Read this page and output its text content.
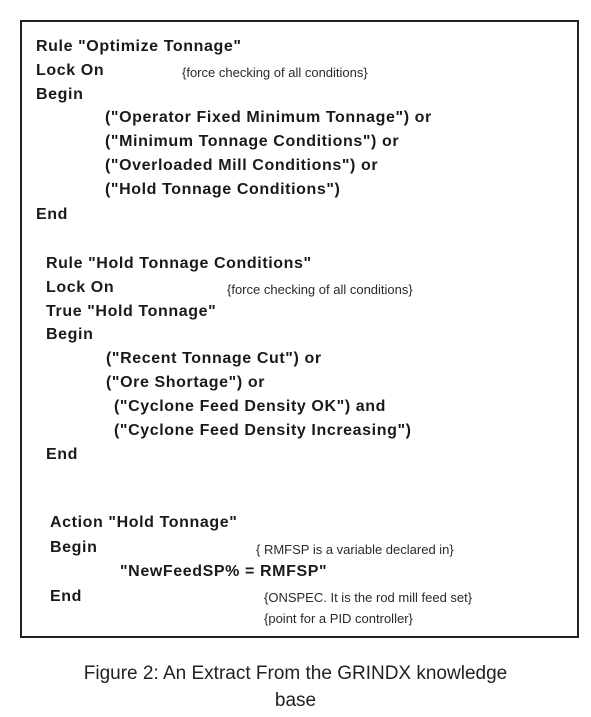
Rule "Optimize Tonnage"
Lock On	{force checking of all conditions}
Begin
("Operator Fixed Minimum Tonnage") or
("Minimum Tonnage Conditions") or
("Overloaded Mill Conditions") or
("Hold Tonnage Conditions")
End
Rule "Hold Tonnage Conditions"
Lock On	{force checking of all conditions}
True "Hold Tonnage"
Begin
("Recent Tonnage Cut") or
("Ore Shortage") or
("Cyclone Feed Density OK") and
("Cyclone Feed Density Increasing")
End
Action "Hold Tonnage"
Begin	{ RMFSP is a variable declared in}
"NewFeedSP% = RMFSP"
End	{ONSPEC. It is the rod mill feed set}
{point for a PID controller}
Figure 2: An Extract From the GRINDX knowledge
base
